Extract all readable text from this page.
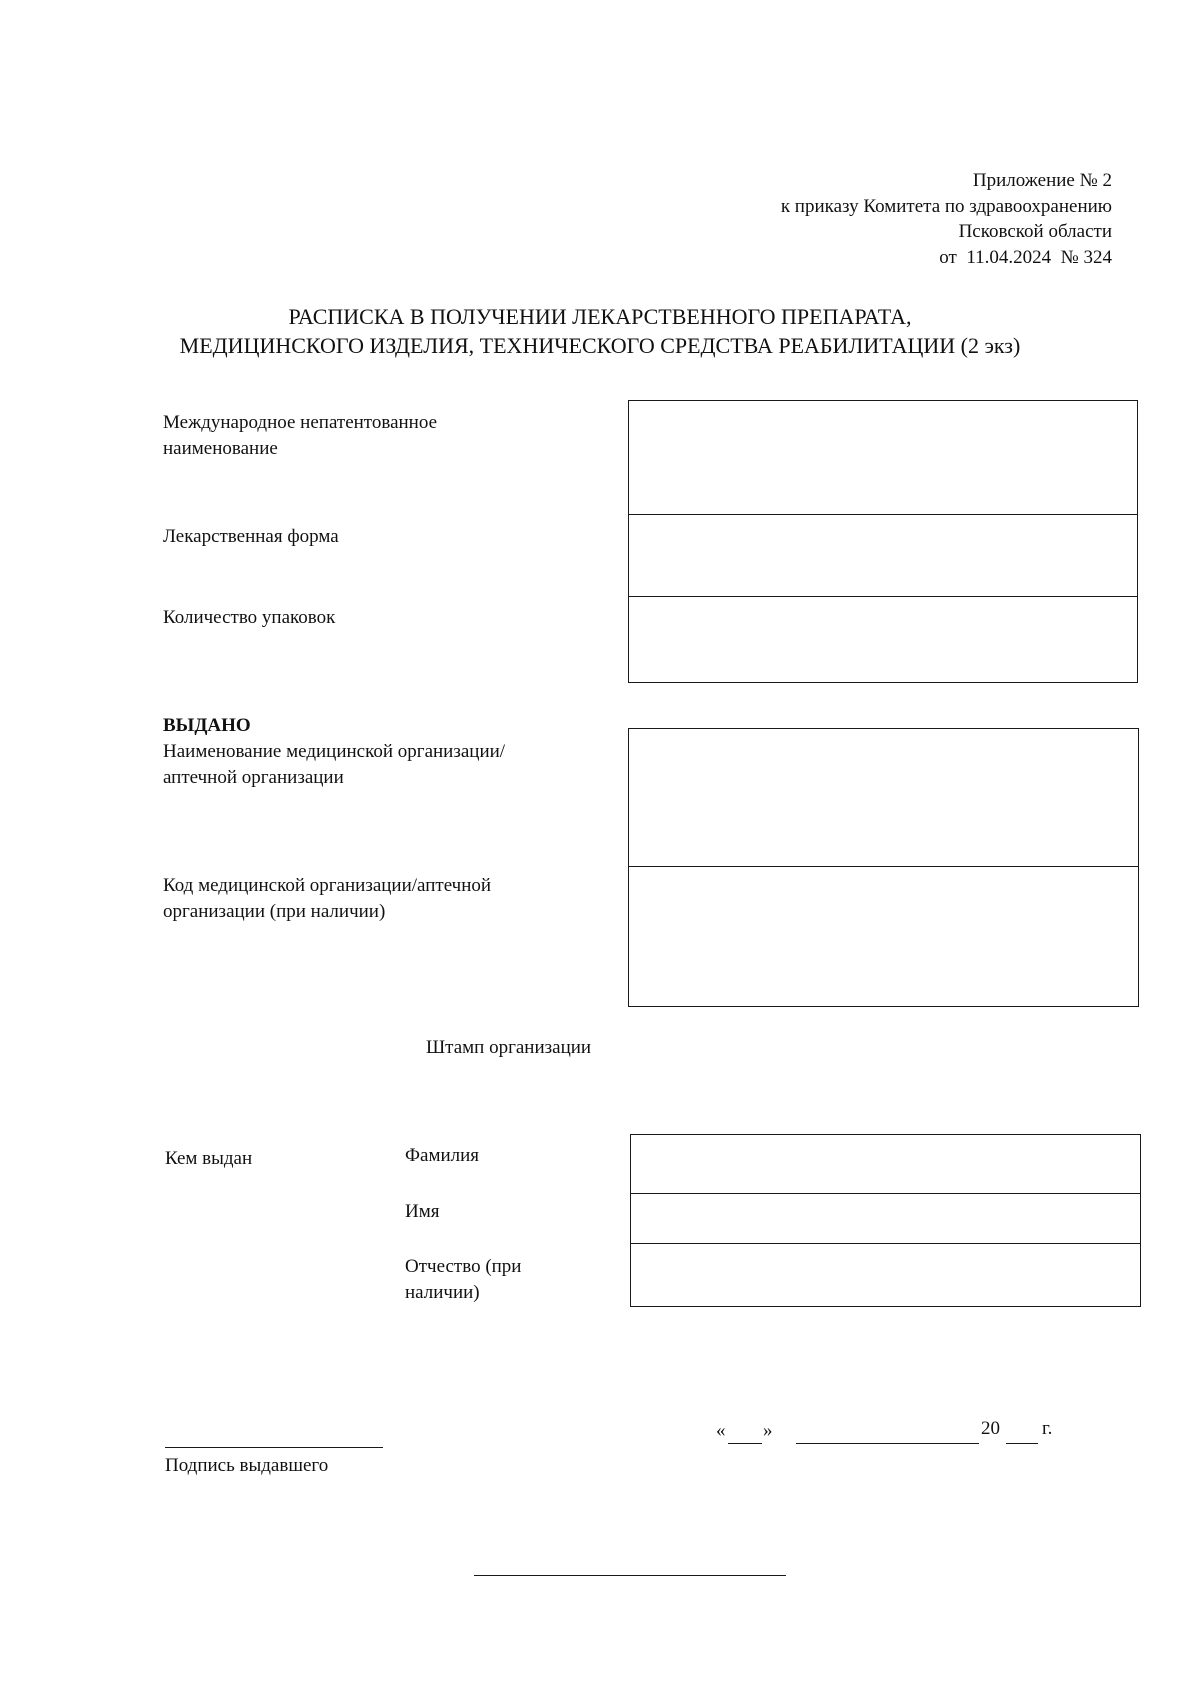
Приложение № 2
к приказу Комитета по здравоохранению
Псковской области
от  11.04.2024  № 324
РАСПИСКА В ПОЛУЧЕНИИ ЛЕКАРСТВЕННОГО ПРЕПАРАТА,
МЕДИЦИНСКОГО ИЗДЕЛИЯ, ТЕХНИЧЕСКОГО СРЕДСТВА РЕАБИЛИТАЦИИ (2 экз)
Международное непатентованное
наименование
Лекарственная форма
Количество упаковок
ВЫДАНО
Наименование медицинской организации/
аптечной организации
Код медицинской организации/аптечной
организации (при наличии)
Штамп организации
Кем выдан	Фамилия
Имя
Отчество (при
наличии)
Подпись выдавшего
« »	20 г.
